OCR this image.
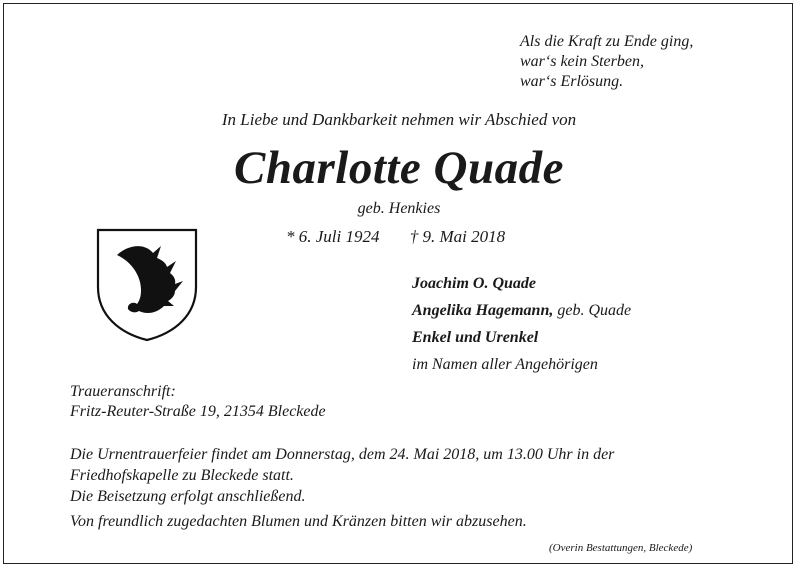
Als die Kraft zu Ende ging,
war‘s kein Sterben,
war‘s Erlösung.
In Liebe und Dankbarkeit nehmen wir Abschied von
Charlotte Quade
geb. Henkies
* 6. Juli 1924 † 9. Mai 2018
Joachim O. Quade
Angelika Hagemann, geb. Quade
Enkel und Urenkel
im Namen aller Angehörigen
Traueranschrift:
Fritz-Reuter-Straße 19, 21354 Bleckede
Die Urnentrauerfeier findet am Donnerstag, dem 24. Mai 2018, um 13.00 Uhr in der
Friedhofskapelle zu Bleckede statt.
Die Beisetzung erfolgt anschließend.
Von freundlich zugedachten Blumen und Kränzen bitten wir abzusehen.
(Overin Bestattungen, Bleckede)
